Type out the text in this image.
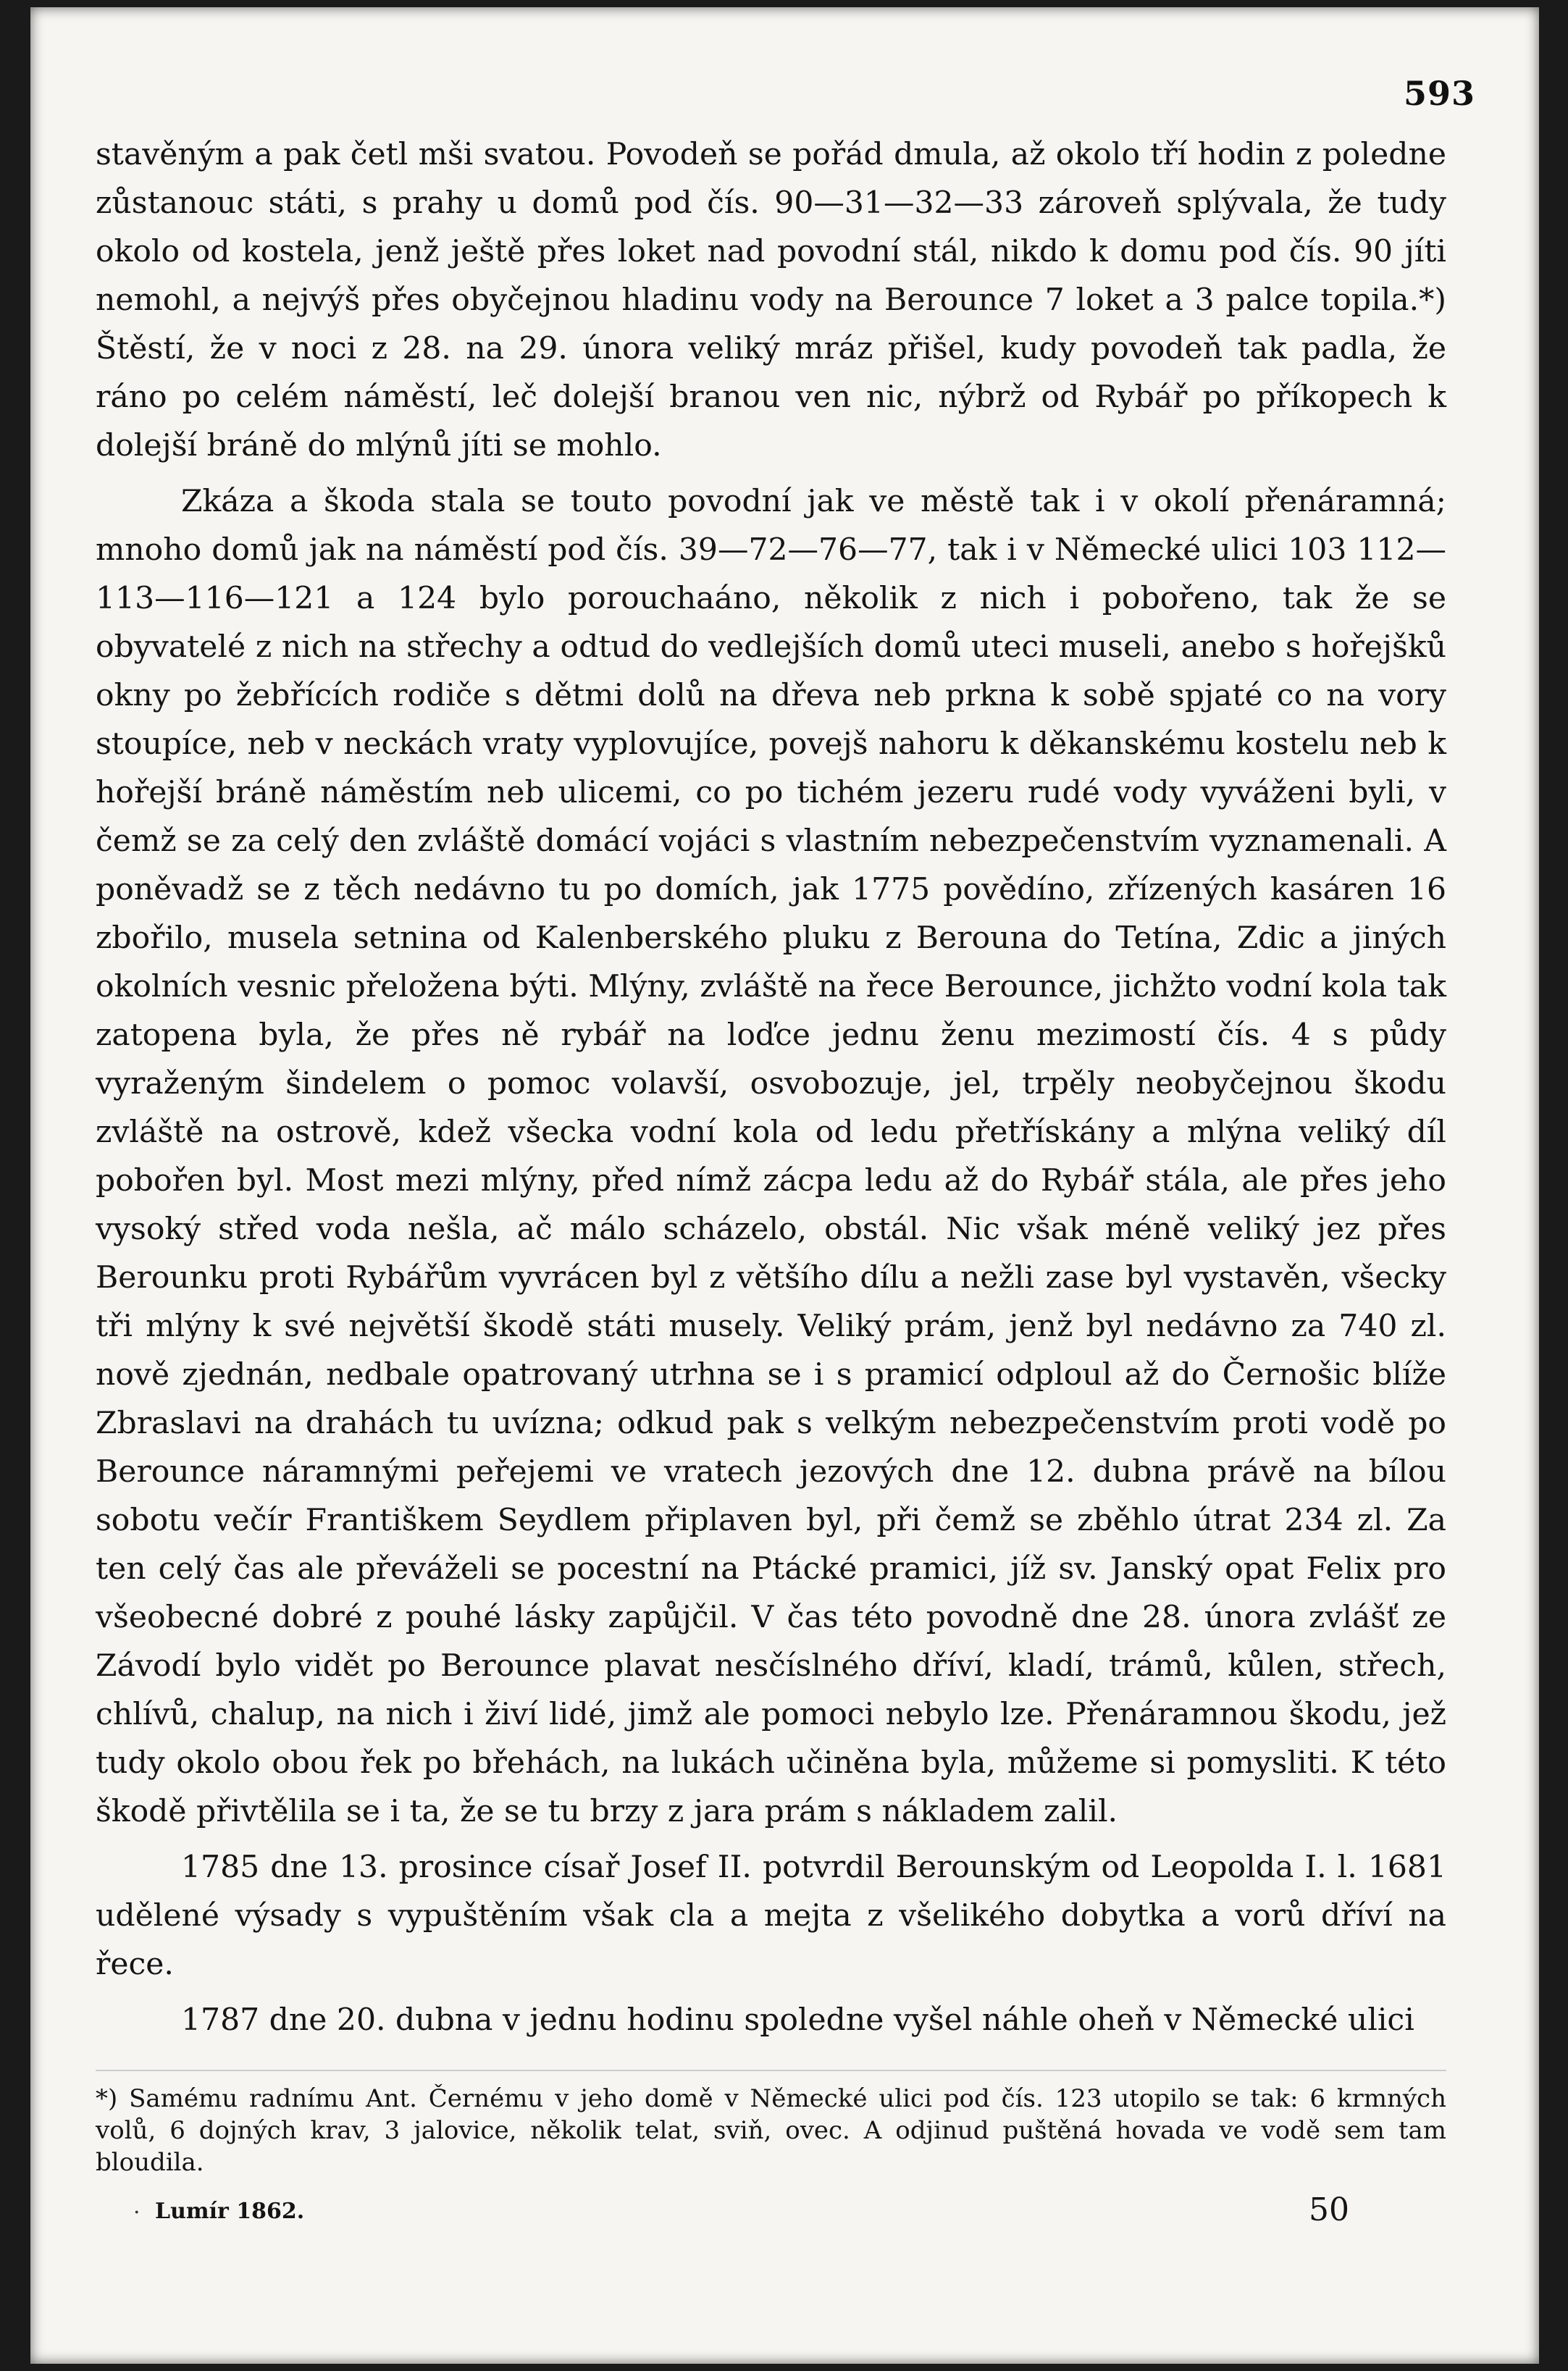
593

stavěným a pak četl mši svatou. Povodeň se pořád dmula, až okolo tří hodin z poledne zůstanouc státi, s prahy u domů pod čís. 90—31—32—33 zároveň splývala, že tudy okolo od kostela, jenž ještě přes loket nad povodní stál, nikdo k domu pod čís. 90 jíti nemohl, a nejvýš přes obyčejnou hladinu vody na Berounce 7 loket a 3 palce topila.*) Štěstí, že v noci z 28. na 29. února veliký mráz přišel, kudy povodeň tak padla, že ráno po celém náměstí, leč dolejší branou ven nic, nýbrž od Rybář po příkopech k dolejší bráně do mlýnů jíti se mohlo.

Zkáza a škoda stala se touto povodní jak ve městě tak i v okolí přenáramná; mnoho domů jak na náměstí pod čís. 39—72—76—77, tak i v Německé ulici 103 112—113—116—121 a 124 bylo porouchaáno, několik z nich i pobořeno, tak že se obyvatelé z nich na střechy a odtud do vedlejších domů uteci museli, anebo s hořejšků okny po žebřících rodiče s dětmi dolů na dřeva neb prkna k sobě spjaté co na vory stoupíce, neb v neckách vraty vyplovujíce, povejš nahoru k děkanskému kostelu neb k hořejší bráně náměstím neb ulicemi, co po tichém jezeru rudé vody vyváženi byli, v čemž se za celý den zvláště domácí vojáci s vlastním nebezpečenstvím vyznamenali. A poněvadž se z těch nedávno tu po domích, jak 1775 povědíno, zřízených kasáren 16 zbořilo, musela setnina od Kalenberského pluku z Berouna do Tetína, Zdic a jiných okolních vesnic přeložena býti. Mlýny, zvláště na řece Berounce, jichžto vodní kola tak zatopena byla, že přes ně rybář na loďce jednu ženu mezimostí čís. 4 s půdy vyraženým šindelem o pomoc volavší, osvobozuje, jel, trpěly neobyčejnou škodu zvláště na ostrově, kdež všecka vodní kola od ledu přetřískány a mlýna veliký díl pobořen byl. Most mezi mlýny, před nímž zácpa ledu až do Rybář stála, ale přes jeho vysoký střed voda nešla, ač málo scházelo, obstál. Nic však méně veliký jez přes Berounku proti Rybářům vyvrácen byl z většího dílu a nežli zase byl vystavěn, všecky tři mlýny k své největší škodě státi musely. Veliký prám, jenž byl nedávno za 740 zl. nově zjednán, nedbale opatrovaný utrhna se i s pramicí odploul až do Černošic blíže Zbraslavi na drahách tu uvízna; odkud pak s velkým nebezpečenstvím proti vodě po Berounce náramnými peřejemi ve vratech jezových dne 12. dubna právě na bílou sobotu večír Františkem Seydlem připlaven byl, při čemž se zběhlo útrat 234 zl. Za ten celý čas ale převáželi se pocestní na Ptácké pramici, jíž sv. Janský opat Felix pro všeobecné dobré z pouhé lásky zapůjčil. V čas této povodně dne 28. února zvlášť ze Závodí bylo vidět po Berounce plavat nesčíslného dříví, kladí, trámů, kůlen, střech, chlívů, chalup, na nich i živí lidé, jimž ale pomoci nebylo lze. Přenáramnou škodu, jež tudy okolo obou řek po břehách, na lukách učiněna byla, můžeme si pomysliti. K této škodě přivtělila se i ta, že se tu brzy z jara prám s nákladem zalil.

1785 dne 13. prosince císař Josef II. potvrdil Berounským od Leopolda I. l. 1681 udělené výsady s vypuštěním však cla a mejta z všelikého dobytka a vorů dříví na řece.

1787 dne 20. dubna v jednu hodinu spoledne vyšel náhle oheň v Německé ulici

*) Samému radnímu Ant. Černému v jeho domě v Německé ulici pod čís. 123 utopilo se tak: 6 krmných volů, 6 dojných krav, 3 jalovice, několik telat, sviň, ovec. A odjinud puštěná hovada ve vodě sem tam bloudila.
· Lumír 1862.	50
